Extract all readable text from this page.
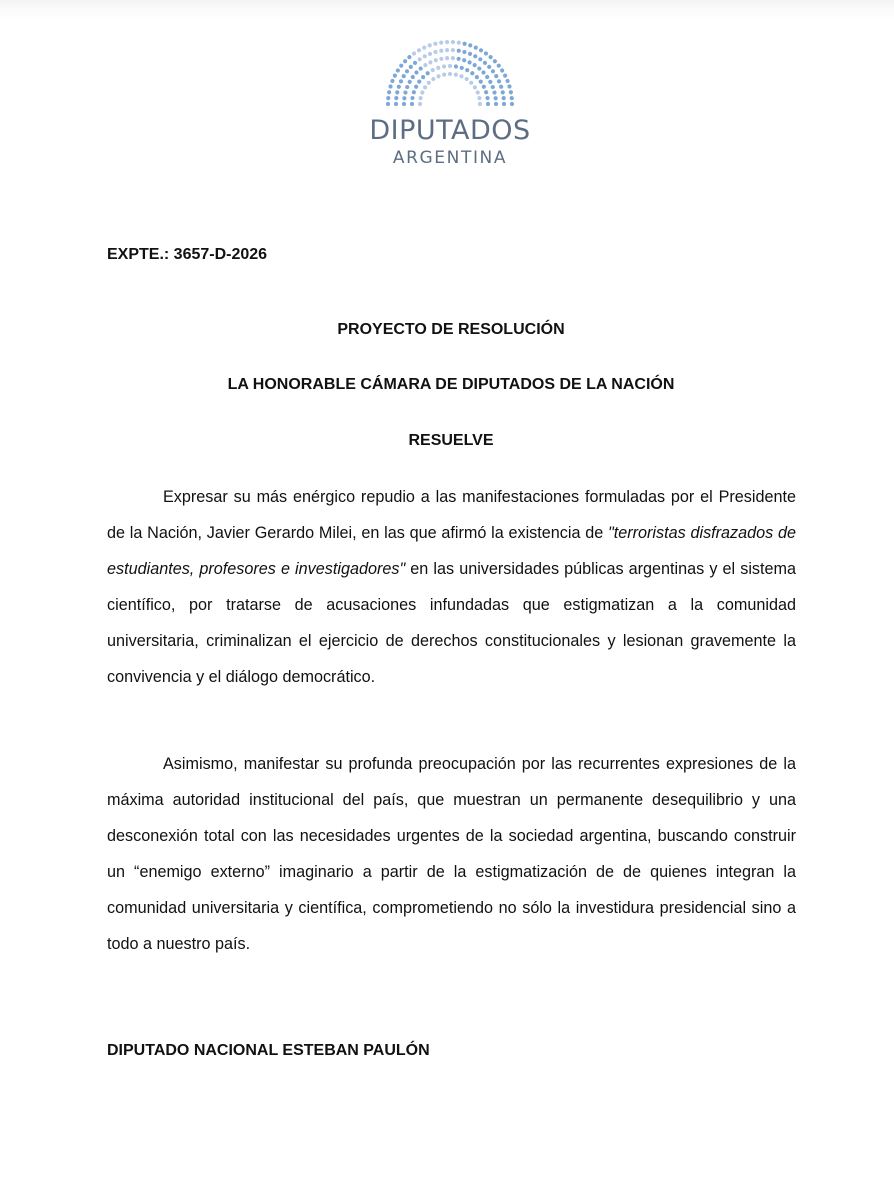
DIPUTADOS
ARGENTINA
EXPTE.: 3657-D-2026
PROYECTO DE RESOLUCIÓN
LA HONORABLE CÁMARA DE DIPUTADOS DE LA NACIÓN
RESUELVE

Expresar su más enérgico repudio a las manifestaciones formuladas por el Presidente de la Nación, Javier Gerardo Milei, en las que afirmó la existencia de "terroristas disfrazados de estudiantes, profesores e investigadores" en las universidades públicas argentinas y el sistema científico, por tratarse de acusaciones infundadas que estigmatizan a la comunidad universitaria, criminalizan el ejercicio de derechos constitucionales y lesionan gravemente la convivencia y el diálogo democrático.

Asimismo, manifestar su profunda preocupación por las recurrentes expresiones de la máxima autoridad institucional del país, que muestran un permanente desequilibrio y una desconexión total con las necesidades urgentes de la sociedad argentina, buscando construir un “enemigo externo” imaginario a partir de la estigmatización de de quienes integran la comunidad universitaria y científica, comprometiendo no sólo la investidura presidencial sino a todo a nuestro país.

DIPUTADO NACIONAL ESTEBAN PAULÓN
